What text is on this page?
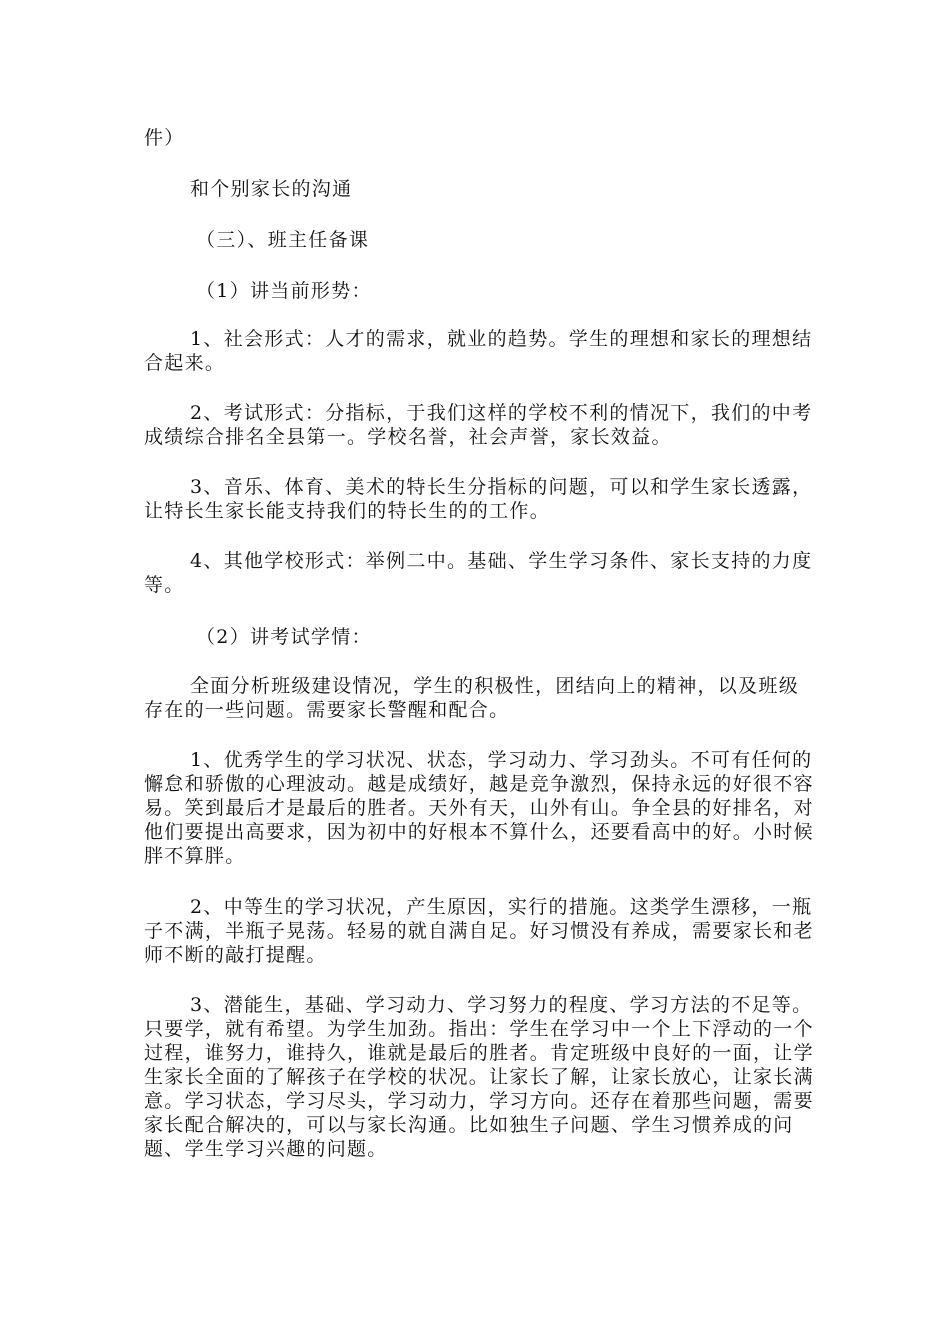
件）

和个别家长的沟通

（三）、班主任备课

（1）讲当前形势：

1、社会形式：人才的需求，就业的趋势。学生的理想和家长的理想结合起来。

2、考试形式：分指标，于我们这样的学校不利的情况下，我们的中考成绩综合排名全县第一。学校名誉，社会声誉，家长效益。

3、音乐、体育、美术的特长生分指标的问题，可以和学生家长透露，让特长生家长能支持我们的特长生的的工作。

4、其他学校形式：举例二中。基础、学生学习条件、家长支持的力度等。

（2）讲考试学情：

全面分析班级建设情况，学生的积极性，团结向上的精神，以及班级存在的一些问题。需要家长警醒和配合。

1、优秀学生的学习状况、状态，学习动力、学习劲头。不可有任何的懈怠和骄傲的心理波动。越是成绩好，越是竞争激烈，保持永远的好很不容易。笑到最后才是最后的胜者。天外有天，山外有山。争全县的好排名，对他们要提出高要求，因为初中的好根本不算什么，还要看高中的好。小时候胖不算胖。

2、中等生的学习状况，产生原因，实行的措施。这类学生漂移，一瓶子不满，半瓶子晃荡。轻易的就自满自足。好习惯没有养成，需要家长和老师不断的敲打提醒。

3、潜能生，基础、学习动力、学习努力的程度、学习方法的不足等。只要学，就有希望。为学生加劲。指出：学生在学习中一个上下浮动的一个过程，谁努力，谁持久，谁就是最后的胜者。肯定班级中良好的一面，让学生家长全面的了解孩子在学校的状况。让家长了解，让家长放心，让家长满意。学习状态，学习尽头，学习动力，学习方向。还存在着那些问题，需要家长配合解决的，可以与家长沟通。比如独生子问题、学生习惯养成的问题、学生学习兴趣的问题。
